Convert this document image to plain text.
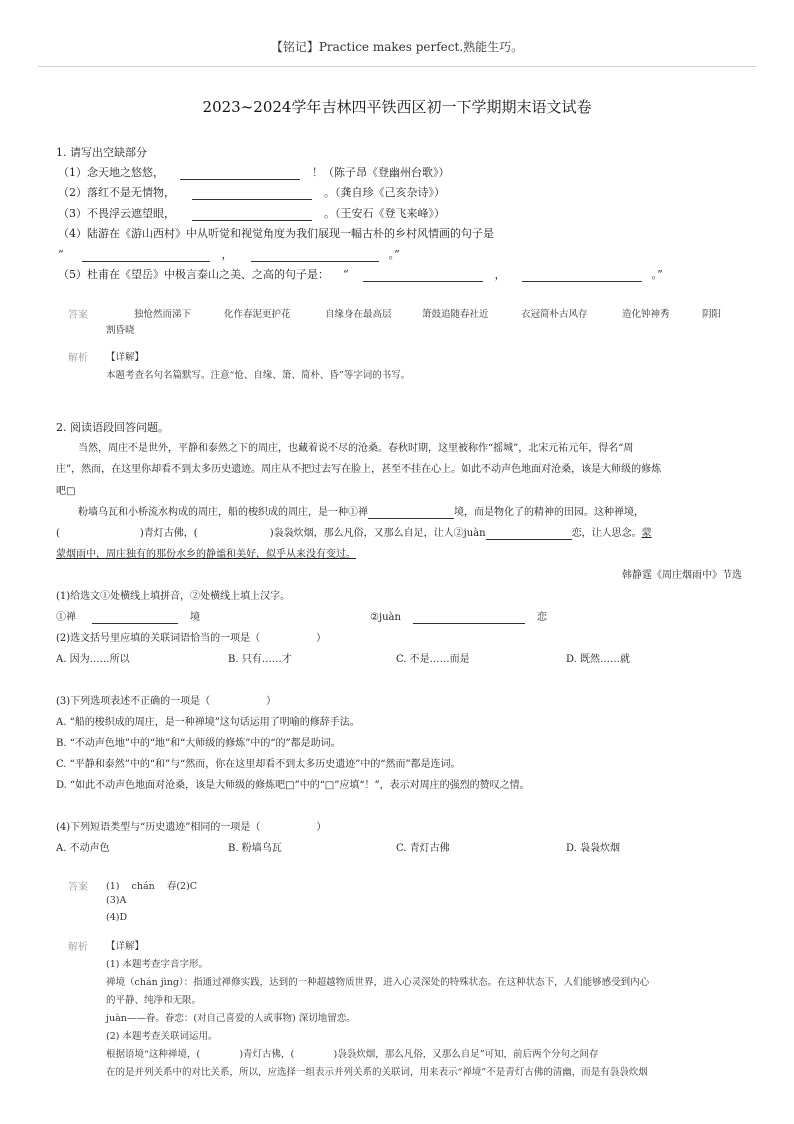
【铭记】Practice makes perfect.熟能生巧。
2023~2024学年吉林四平铁西区初一下学期期末语文试卷
1. 请写出空缺部分
（1）念天地之悠悠，	！（陈子昂《登幽州台歌》）
（2）落红不是无情物，	。（龚自珍《己亥杂诗》）
（3）不畏浮云遮望眼，	。（王安石《登飞来峰》）
（4）陆游在《游山西村》中从听觉和视觉角度为我们展现一幅古朴的乡村风情画的句子是
“	，	。”
（5）杜甫在《望岳》中极言泰山之美、之高的句子是： “	，	。”
答案	独怆然而涕下	化作春泥更护花	自缘身在最高层	箫鼓追随春社近	衣冠简朴古风存	造化钟神秀	阴阳
割昏晓
解析 【详解】
本题考查名句名篇默写。注意“怆、自缘、箫、简朴、昏”等字词的书写。
2. 阅读语段回答问题。
当然，周庄不是世外，平静和泰然之下的周庄，也藏着说不尽的沧桑。春秋时期，这里被称作“摇城”，北宋元祐元年，得名“周
庄”，然而，在这里你却看不到太多历史遗迹。周庄从不把过去写在脸上，甚至不挂在心上。如此不动声色地面对沧桑，该是大师级的修炼
吧□
粉墙乌瓦和小桥流水构成的周庄，船的梭织成的周庄，是一种①禅	境，而是物化了的精神的田园。这种禅境，
(	)青灯古佛，(	)袅袅炊烟，那么凡俗，又那么自足，让人②juàn	恋，让人思念。蒙
蒙烟雨中，周庄独有的那份水乡的静谧和美好，似乎从来没有变过。
韩静霆《周庄烟雨中》节选
(1)给选文①处横线上填拼音，②处横线上填上汉字。
①禅	境	②juàn	恋
(2)选文括号里应填的关联词语恰当的一项是（	）
A. 因为……所以	B. 只有……才	C. 不是……而是	D. 既然……就
(3)下列选项表述不正确的一项是（	）
A. “船的梭织成的周庄，是一种禅境”这句话运用了明喻的修辞手法。
B. “不动声色地”中的“地”和“大师级的修炼”中的“的”都是助词。
C. “平静和泰然”中的“和”与“然而，你在这里却看不到太多历史遗迹”中的“然而”都是连词。
D. “如此不动声色地面对沧桑，该是大师级的修炼吧□”中的“□”应填“！”，表示对周庄的强烈的赞叹之情。
(4)下列短语类型与“历史遗迹”相同的一项是（	）
A. 不动声色	B. 粉墙乌瓦	C. 青灯古佛	D. 袅袅炊烟
答案 (1)    chán    春(2)C
(3)A
(4)D
解析 【详解】
(1) 本题考查字音字形。
禅境（chán jìng）：指通过禅修实践，达到的一种超越物质世界，进入心灵深处的特殊状态。在这种状态下，人们能够感受到内心
的平静、纯净和无限。
juàn——眷。眷恋：(对自己喜爱的人或事物) 深切地留恋。
(2) 本题考查关联词运用。
根据语境“这种禅境，(             )青灯古佛，(             )袅袅炊烟，那么凡俗，又那么自足”可知，前后两个分句之间存
在的是并列关系中的对比关系，所以，应选择一组表示并列关系的关联词，用来表示“禅境”不是青灯古佛的清幽，而是有袅袅炊烟
